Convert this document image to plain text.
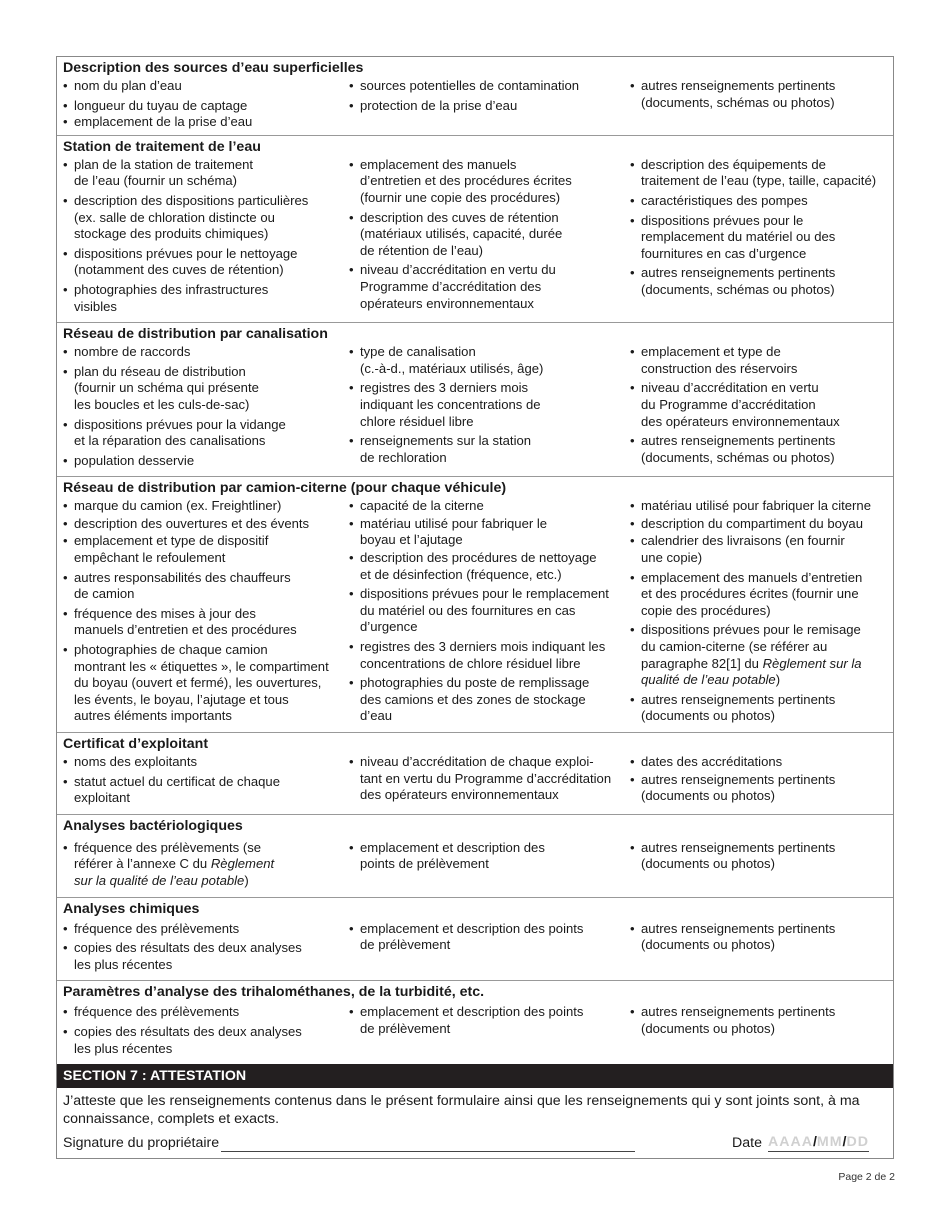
Description des sources d’eau superficielles
• nom du plan d’eau
• longueur du tuyau de captage
• emplacement de la prise d’eau
• sources potentielles de contamination
• protection de la prise d’eau
• autres renseignements pertinents
(documents, schémas ou photos)
Station de traitement de l’eau
• plan de la station de traitement
de l’eau (fournir un schéma)
• description des dispositions particulières
(ex. salle de chloration distincte ou
stockage des produits chimiques)
• dispositions prévues pour le nettoyage
(notamment des cuves de rétention)
• photographies des infrastructures
visibles
• emplacement des manuels
d’entretien et des procédures écrites
(fournir une copie des procédures)
• description des cuves de rétention
(matériaux utilisés, capacité, durée
de rétention de l’eau)
• niveau d’accréditation en vertu du
Programme d’accréditation des
opérateurs environnementaux
• description des équipements de
traitement de l’eau (type, taille, capacité)
• caractéristiques des pompes
• dispositions prévues pour le
remplacement du matériel ou des
fournitures en cas d’urgence
• autres renseignements pertinents
(documents, schémas ou photos)
Réseau de distribution par canalisation
• nombre de raccords
• plan du réseau de distribution
(fournir un schéma qui présente
les boucles et les culs-de-sac)
• dispositions prévues pour la vidange
et la réparation des canalisations
• population desservie
• type de canalisation
(c.-à-d., matériaux utilisés, âge)
• registres des 3 derniers mois
indiquant les concentrations de
chlore résiduel libre
• renseignements sur la station
de rechloration
• emplacement et type de
construction des réservoirs
• niveau d’accréditation en vertu
du Programme d’accréditation
des opérateurs environnementaux
• autres renseignements pertinents
(documents, schémas ou photos)
Réseau de distribution par camion-citerne (pour chaque véhicule)
• marque du camion (ex. Freightliner)
• description des ouvertures et des évents
• emplacement et type de dispositif
empêchant le refoulement
• autres responsabilités des chauffeurs
de camion
• fréquence des mises à jour des
manuels d’entretien et des procédures
• photographies de chaque camion
montrant les « étiquettes », le compartiment
du boyau (ouvert et fermé), les ouvertures,
les évents, le boyau, l’ajutage et tous
autres éléments importants
• capacité de la citerne
• matériau utilisé pour fabriquer le
boyau et l’ajutage
• description des procédures de nettoyage
et de désinfection (fréquence, etc.)
• dispositions prévues pour le remplacement
du matériel ou des fournitures en cas
d’urgence
• registres des 3 derniers mois indiquant les
concentrations de chlore résiduel libre
• photographies du poste de remplissage
des camions et des zones de stockage
d’eau
• matériau utilisé pour fabriquer la citerne
• description du compartiment du boyau
• calendrier des livraisons (en fournir
une copie)
• emplacement des manuels d’entretien
et des procédures écrites (fournir une
copie des procédures)
• dispositions prévues pour le remisage
du camion-citerne (se référer au
paragraphe 82[1] du Règlement sur la
qualité de l’eau potable)
• autres renseignements pertinents
(documents ou photos)
Certificat d’exploitant
• noms des exploitants
• statut actuel du certificat de chaque
exploitant
• niveau d’accréditation de chaque exploi-
tant en vertu du Programme d’accréditation
des opérateurs environnementaux
• dates des accréditations
• autres renseignements pertinents
(documents ou photos)
Analyses bactériologiques
• fréquence des prélèvements (se
référer à l’annexe C du Règlement
sur la qualité de l’eau potable)
• emplacement et description des
points de prélèvement
• autres renseignements pertinents
(documents ou photos)
Analyses chimiques
• fréquence des prélèvements
• copies des résultats des deux analyses
les plus récentes
• emplacement et description des points
de prélèvement
• autres renseignements pertinents
(documents ou photos)
Paramètres d’analyse des trihalométhanes, de la turbidité, etc.
• fréquence des prélèvements
• copies des résultats des deux analyses
les plus récentes
• emplacement et description des points
de prélèvement
• autres renseignements pertinents
(documents ou photos)
SECTION 7 : ATTESTATION
J’atteste que les renseignements contenus dans le présent formulaire ainsi que les renseignements qui y sont joints sont, à ma connaissance, complets et exacts.
Signature du propriétaire	Date AAAA / MM / DD
Page 2 de 2
